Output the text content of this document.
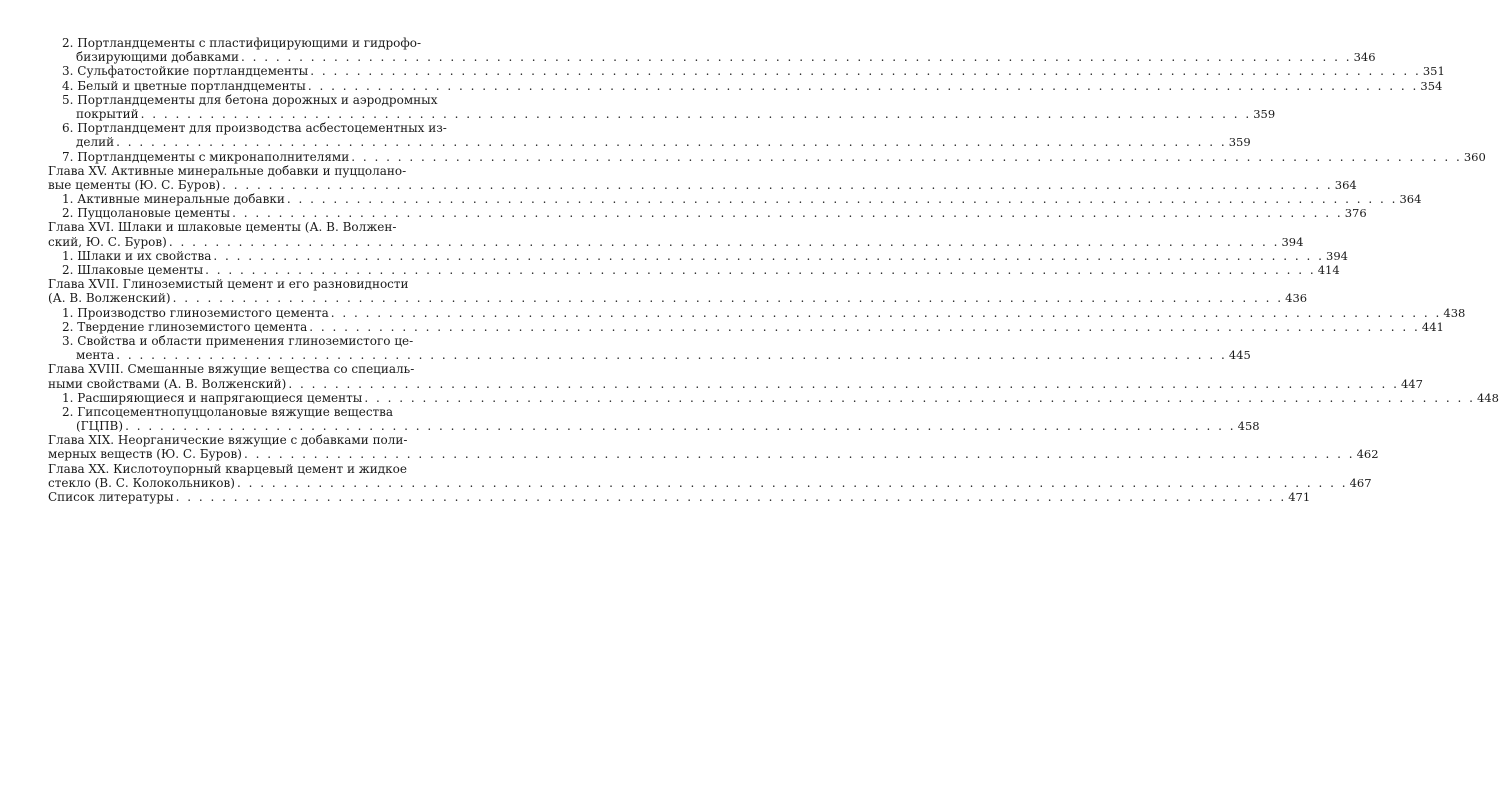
2. Портландцементы с пластифицирующими и гидрофо-
бизирующими добавками . . .	346
3. Сульфатостойкие портландцементы . . .	351
4. Белый и цветные портландцементы . . .	354
5. Портландцементы для бетона дорожных и аэродромных
покрытий . . .	359
6. Портландцемент для производства асбестоцементных из-
делий . . .	359
7. Портландцементы с микронаполнителями . . .	360
Глава XV. Активные минеральные добавки и пуццолано-
вые цементы (Ю. С. Буров) . . .	364
1. Активные минеральные добавки . . .	364
2. Пуццолановые цементы . . .	376
Глава XVI. Шлаки и шлаковые цементы (А. В. Волжен-
ский, Ю. С. Буров) . . .	394
1. Шлаки и их свойства . . .	394
2. Шлаковые цементы . . .	414
Глава XVII. Глиноземистый цемент и его разновидности
(А. В. Волженский) . . .	436
1. Производство глиноземистого цемента . . .	438
2. Твердение глиноземистого цемента . . .	441
3. Свойства и области применения глиноземистого це-
мента . . .	445
Глава XVIII. Смешанные вяжущие вещества со специаль-
ными свойствами (А. В. Волженский) . . .	447
1. Расширяющиеся и напрягающиеся цементы . . .	448
2. Гипсоцементнопуццолановые вяжущие вещества
(ГЦПВ) . . .	458
Глава XIX. Неорганические вяжущие с добавками поли-
мерных веществ (Ю. С. Буров) . . .	462
Глава XX. Кислотоупорный кварцевый цемент и жидкое
стекло (В. С. Колокольников) . . .	467
Список литературы . . .	471
